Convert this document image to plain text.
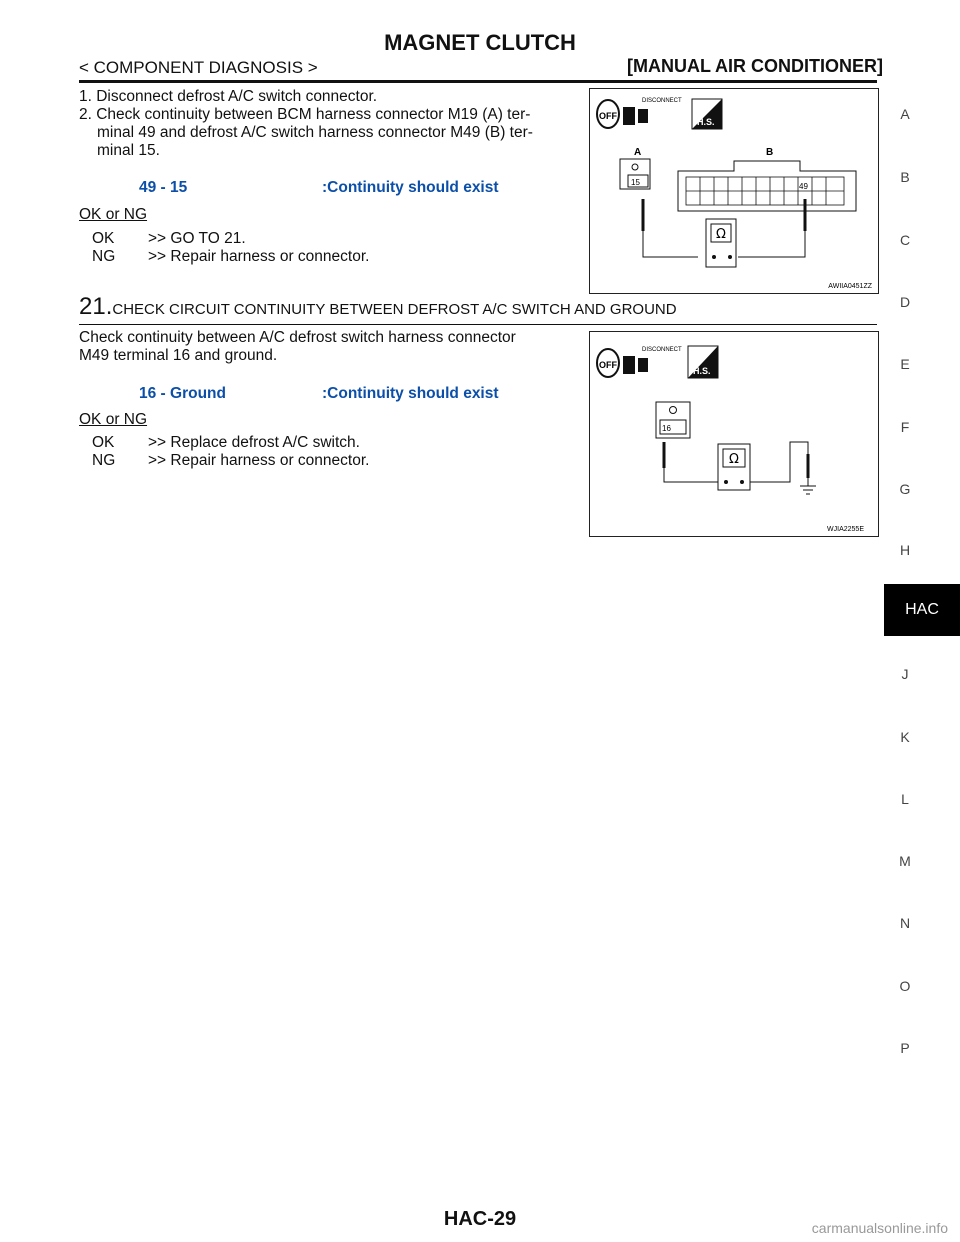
MAGNET CLUTCH
< COMPONENT DIAGNOSIS >	[MANUAL AIR CONDITIONER]
A
B
C
D
E
F
G
H
HAC
J
K
L
M
N
O
P
1. Disconnect defrost A/C switch connector.
2. Check continuity between BCM harness connector M19 (A) ter-
minal 49 and defrost A/C switch harness connector M49 (B) ter-
minal 15.
49 - 15	:Continuity should exist
OK or NG
OK >> GO TO 21.
NG >> Repair harness or connector.
OFF
DISCONNECT
H.S.
A
15
B
49
Ω
AWIIA0451ZZ
21.CHECK CIRCUIT CONTINUITY BETWEEN DEFROST A/C SWITCH AND GROUND
Check continuity between A/C defrost switch harness connector
M49 terminal 16 and ground.
16 - Ground	:Continuity should exist
OK or NG
OK >> Replace defrost A/C switch.
NG >> Repair harness or connector.
OFF
DISCONNECT
H.S.
16
Ω
WJIA2255E
HAC-29	carmanualsonline.info
